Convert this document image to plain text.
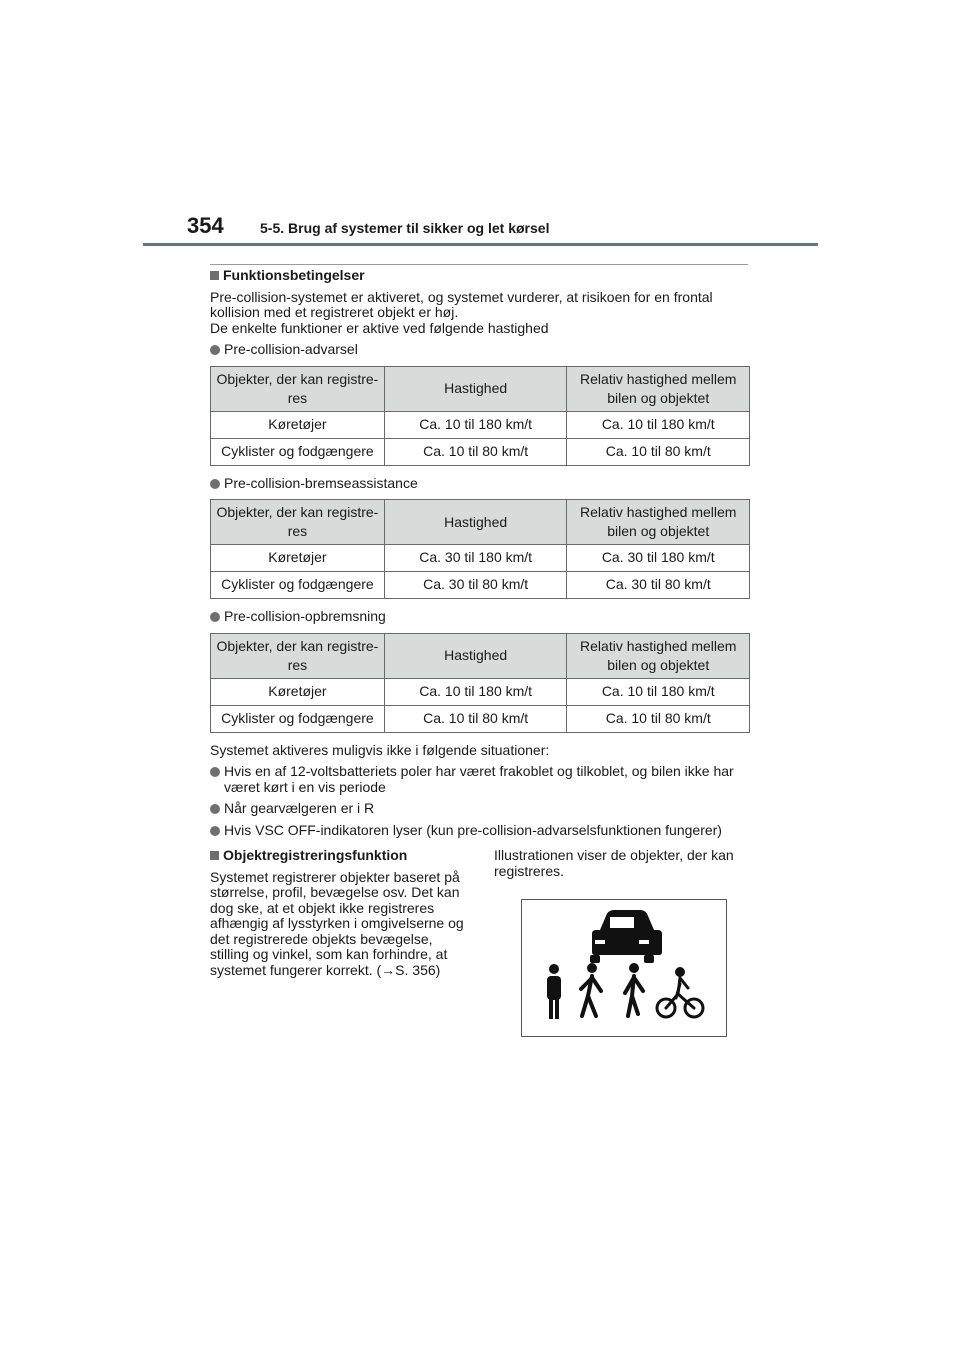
354	5-5. Brug af systemer til sikker og let kørsel
Funktionsbetingelser
Pre-collision-systemet er aktiveret, og systemet vurderer, at risikoen for en frontal kollision med et registreret objekt er høj.
De enkelte funktioner er aktive ved følgende hastighed
Pre-collision-advarsel
Objekter, der kan registre-res	Hastighed	Relativ hastighed mellem bilen og objektet
Køretøjer	Ca. 10 til 180 km/t	Ca. 10 til 180 km/t
Cyklister og fodgængere	Ca. 10 til 80 km/t	Ca. 10 til 80 km/t
Pre-collision-bremseassistance
Objekter, der kan registre-res	Hastighed	Relativ hastighed mellem bilen og objektet
Køretøjer	Ca. 30 til 180 km/t	Ca. 30 til 180 km/t
Cyklister og fodgængere	Ca. 30 til 80 km/t	Ca. 30 til 80 km/t
Pre-collision-opbremsning
Objekter, der kan registre-res	Hastighed	Relativ hastighed mellem bilen og objektet
Køretøjer	Ca. 10 til 180 km/t	Ca. 10 til 180 km/t
Cyklister og fodgængere	Ca. 10 til 80 km/t	Ca. 10 til 80 km/t
Systemet aktiveres muligvis ikke i følgende situationer:
Hvis en af 12-voltsbatteriets poler har været frakoblet og tilkoblet, og bilen ikke har været kørt i en vis periode
Når gearvælgeren er i R
Hvis VSC OFF-indikatoren lyser (kun pre-collision-advarselsfunktionen fungerer)
Objektregistreringsfunktion
Systemet registrerer objekter baseret på størrelse, profil, bevægelse osv. Det kan dog ske, at et objekt ikke registreres afhængig af lysstyrken i omgivelserne og det registrerede objekts bevægelse, stilling og vinkel, som kan forhindre, at systemet fungerer korrekt. (→S. 356)
Illustrationen viser de objekter, der kan registreres.
